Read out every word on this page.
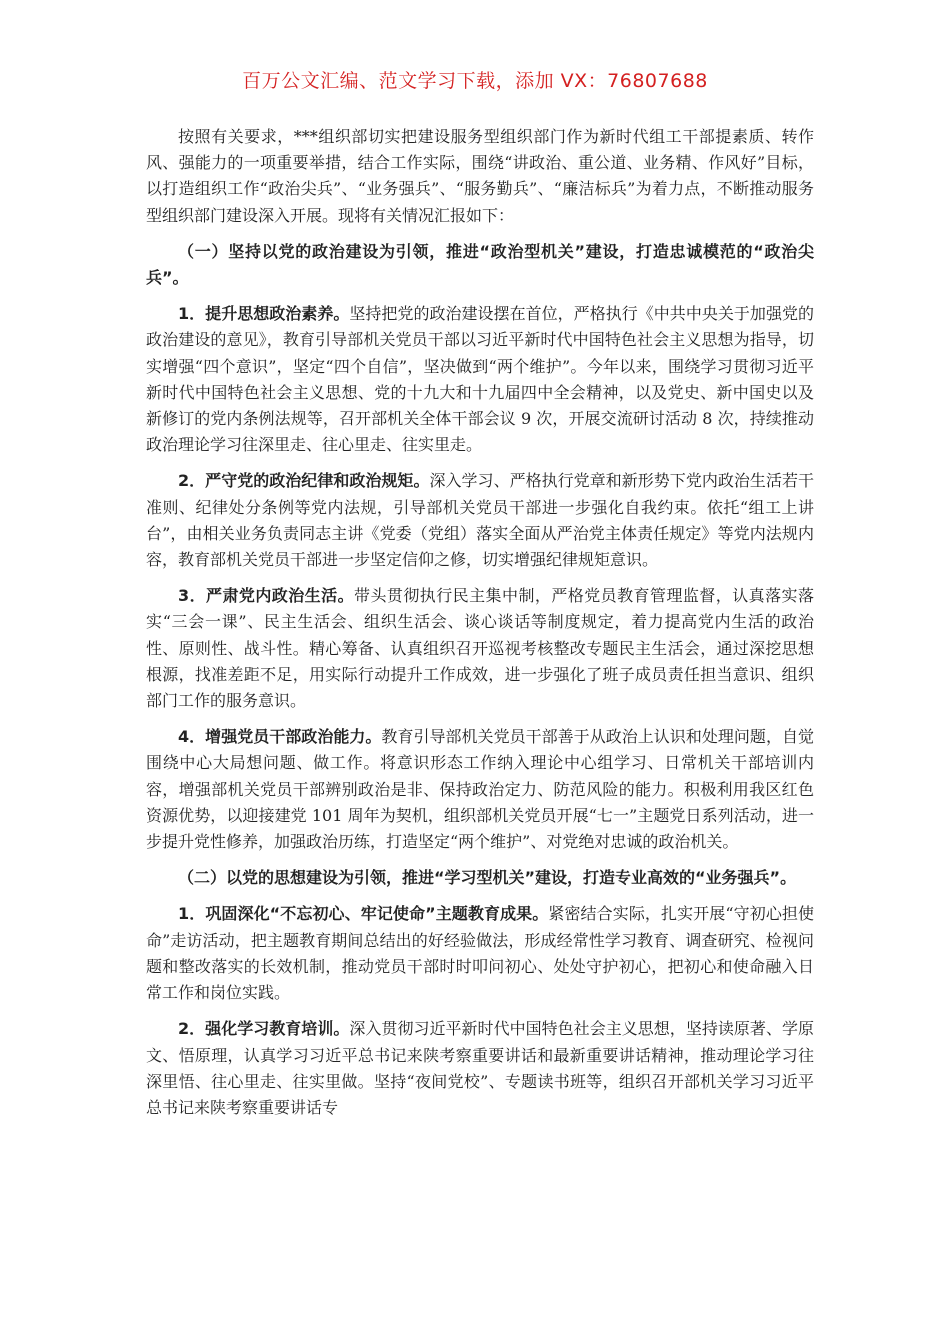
百万公文汇编、范文学习下载，添加 VX：76807688

按照有关要求，***组织部切实把建设服务型组织部门作为新时代组工干部提素质、转作风、强能力的一项重要举措，结合工作实际，围绕“讲政治、重公道、业务精、作风好”目标，以打造组织工作“政治尖兵”、“业务强兵”、“服务勤兵”、“廉洁标兵”为着力点，不断推动服务型组织部门建设深入开展。现将有关情况汇报如下：

（一）坚持以党的政治建设为引领，推进“政治型机关”建设，打造忠诚模范的“政治尖兵”。

1．提升思想政治素养。坚持把党的政治建设摆在首位，严格执行《中共中央关于加强党的政治建设的意见》，教育引导部机关党员干部以习近平新时代中国特色社会主义思想为指导，切实增强“四个意识”，坚定“四个自信”，坚决做到“两个维护”。今年以来，围绕学习贯彻习近平新时代中国特色社会主义思想、党的十九大和十九届四中全会精神，以及党史、新中国史以及新修订的党内条例法规等，召开部机关全体干部会议 9 次，开展交流研讨活动 8 次，持续推动政治理论学习往深里走、往心里走、往实里走。

2．严守党的政治纪律和政治规矩。深入学习、严格执行党章和新形势下党内政治生活若干准则、纪律处分条例等党内法规，引导部机关党员干部进一步强化自我约束。依托“组工上讲台”，由相关业务负责同志主讲《党委（党组）落实全面从严治党主体责任规定》等党内法规内容，教育部机关党员干部进一步坚定信仰之修，切实增强纪律规矩意识。

3．严肃党内政治生活。带头贯彻执行民主集中制，严格党员教育管理监督，认真落实落实“三会一课”、民主生活会、组织生活会、谈心谈话等制度规定，着力提高党内生活的政治性、原则性、战斗性。精心筹备、认真组织召开巡视考核整改专题民主生活会，通过深挖思想根源，找准差距不足，用实际行动提升工作成效，进一步强化了班子成员责任担当意识、组织部门工作的服务意识。

4．增强党员干部政治能力。教育引导部机关党员干部善于从政治上认识和处理问题，自觉围绕中心大局想问题、做工作。将意识形态工作纳入理论中心组学习、日常机关干部培训内容，增强部机关党员干部辨别政治是非、保持政治定力、防范风险的能力。积极利用我区红色资源优势，以迎接建党 101 周年为契机，组织部机关党员开展“七一”主题党日系列活动，进一步提升党性修养，加强政治历练，打造坚定“两个维护”、对党绝对忠诚的政治机关。

（二）以党的思想建设为引领，推进“学习型机关”建设，打造专业高效的“业务强兵”。

1．巩固深化“不忘初心、牢记使命”主题教育成果。紧密结合实际，扎实开展“守初心担使命”走访活动，把主题教育期间总结出的好经验做法，形成经常性学习教育、调查研究、检视问题和整改落实的长效机制，推动党员干部时时叩问初心、处处守护初心，把初心和使命融入日常工作和岗位实践。

2．强化学习教育培训。深入贯彻习近平新时代中国特色社会主义思想，坚持读原著、学原文、悟原理，认真学习习近平总书记来陕考察重要讲话和最新重要讲话精神，推动理论学习往深里悟、往心里走、往实里做。坚持“夜间党校”、专题读书班等，组织召开部机关学习习近平总书记来陕考察重要讲话专
